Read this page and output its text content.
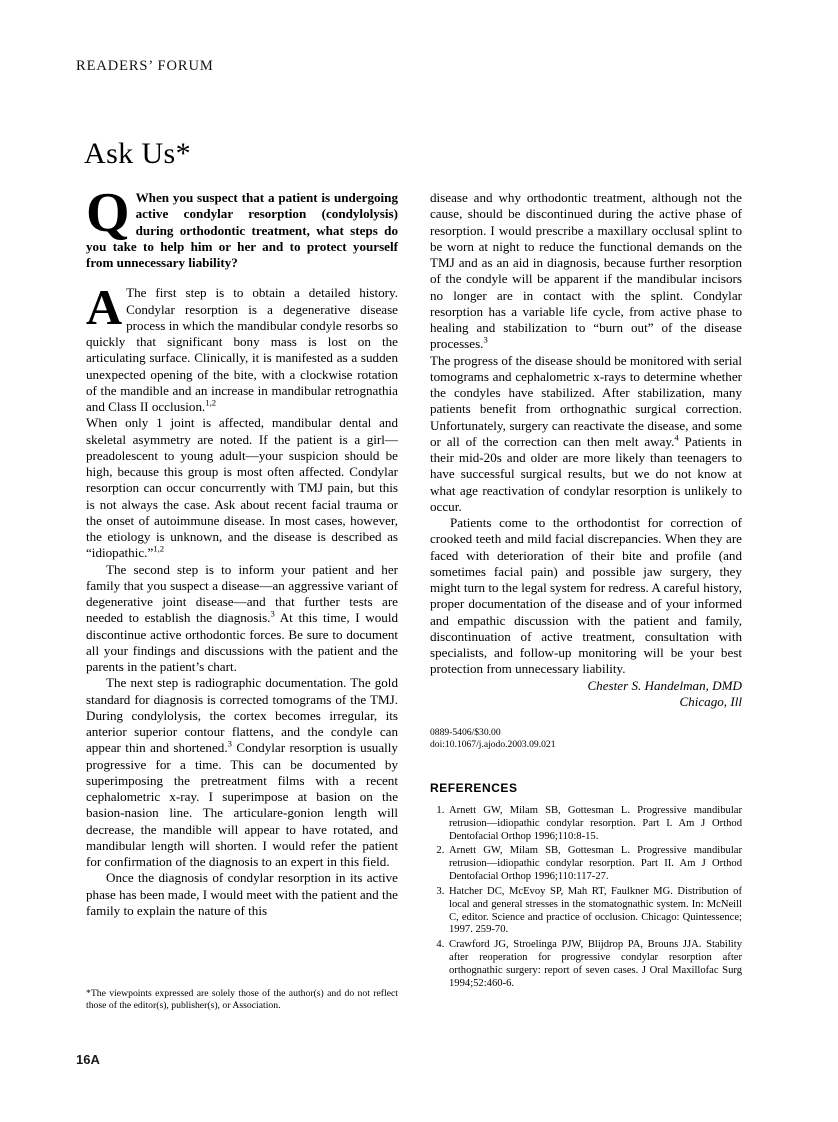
READERS’ FORUM
Ask Us*
Q When you suspect that a patient is undergoing active condylar resorption (condylolysis) during orthodontic treatment, what steps do you take to help him or her and to protect yourself from unnecessary liability?
A The first step is to obtain a detailed history. Condylar resorption is a degenerative disease process in which the mandibular condyle resorbs so quickly that significant bony mass is lost on the articulating surface. Clinically, it is manifested as a sudden unexpected opening of the bite, with a clockwise rotation of the mandible and an increase in mandibular retrognathia and Class II occlusion.$^{1,2}$

When only 1 joint is affected, mandibular dental and skeletal asymmetry are noted. If the patient is a girl—preadolescent to young adult—your suspicion should be high, because this group is most often affected. Condylar resorption can occur concurrently with TMJ pain, but this is not always the case. Ask about recent facial trauma or the onset of autoimmune disease. In most cases, however, the etiology is unknown, and the disease is described as “idiopathic.”$^{1,2}$

The second step is to inform your patient and her family that you suspect a disease—an aggressive variant of degenerative joint disease—and that further tests are needed to establish the diagnosis.$^3$ At this time, I would discontinue active orthodontic forces. Be sure to document all your findings and discussions with the patient and the parents in the patient’s chart.

The next step is radiographic documentation. The gold standard for diagnosis is corrected tomograms of the TMJ. During condylolysis, the cortex becomes irregular, its anterior superior contour flattens, and the condyle can appear thin and shortened.$^3$ Condylar resorption is usually progressive for a time. This can be documented by superimposing the pretreatment films with a recent cephalometric x-ray. I superimpose at basion on the basion-nasion line. The articulare-gonion length will decrease, the mandible will appear to have rotated, and mandibular length will shorten. I would refer the patient for confirmation of the diagnosis to an expert in this field.

Once the diagnosis of condylar resorption in its active phase has been made, I would meet with the patient and the family to explain the nature of this

disease and why orthodontic treatment, although not the cause, should be discontinued during the active phase of resorption. I would prescribe a maxillary occlusal splint to be worn at night to reduce the functional demands on the TMJ and as an aid in diagnosis, because further resorption of the condyle will be apparent if the mandibular incisors no longer are in contact with the splint. Condylar resorption has a variable life cycle, from active phase to healing and stabilization to “burn out” of the disease processes.$^3$

The progress of the disease should be monitored with serial tomograms and cephalometric x-rays to determine whether the condyles have stabilized. After stabilization, many patients benefit from orthognathic surgical correction. Unfortunately, surgery can reactivate the disease, and some or all of the correction can then melt away.$^4$ Patients in their mid-20s and older are more likely than teenagers to have successful surgical results, but we do not know at what age reactivation of condylar resorption is unlikely to occur.

Patients come to the orthodontist for correction of crooked teeth and mild facial discrepancies. When they are faced with deterioration of their bite and profile (and sometimes facial pain) and possible jaw surgery, they might turn to the legal system for redress. A careful history, proper documentation of the disease and of your informed and empathic discussion with the patient and family, discontinuation of active treatment, consultation with specialists, and follow-up monitoring will be your best protection from unnecessary liability.

Chester S. Handelman, DMD

Chicago, Ill

0889-5406/$30.00
doi:10.1067/j.ajodo.2003.09.021
REFERENCES
1. Arnett GW, Milam SB, Gottesman L. Progressive mandibular retrusion—idiopathic condylar resorption. Part I. Am J Orthod Dentofacial Orthop 1996;110:8-15.
2. Arnett GW, Milam SB, Gottesman L. Progressive mandibular retrusion—idiopathic condylar resorption. Part II. Am J Orthod Dentofacial Orthop 1996;110:117-27.
3. Hatcher DC, McEvoy SP, Mah RT, Faulkner MG. Distribution of local and general stresses in the stomatognathic system. In: McNeill C, editor. Science and practice of occlusion. Chicago: Quintessence; 1997. 259-70.
4. Crawford JG, Stroelinga PJW, Blijdrop PA, Brouns JJA. Stability after reoperation for progressive condylar resorption after orthognathic surgery: report of seven cases. J Oral Maxillofac Surg 1994;52:460-6.
*The viewpoints expressed are solely those of the author(s) and do not reflect those of the editor(s), publisher(s), or Association.
16A
